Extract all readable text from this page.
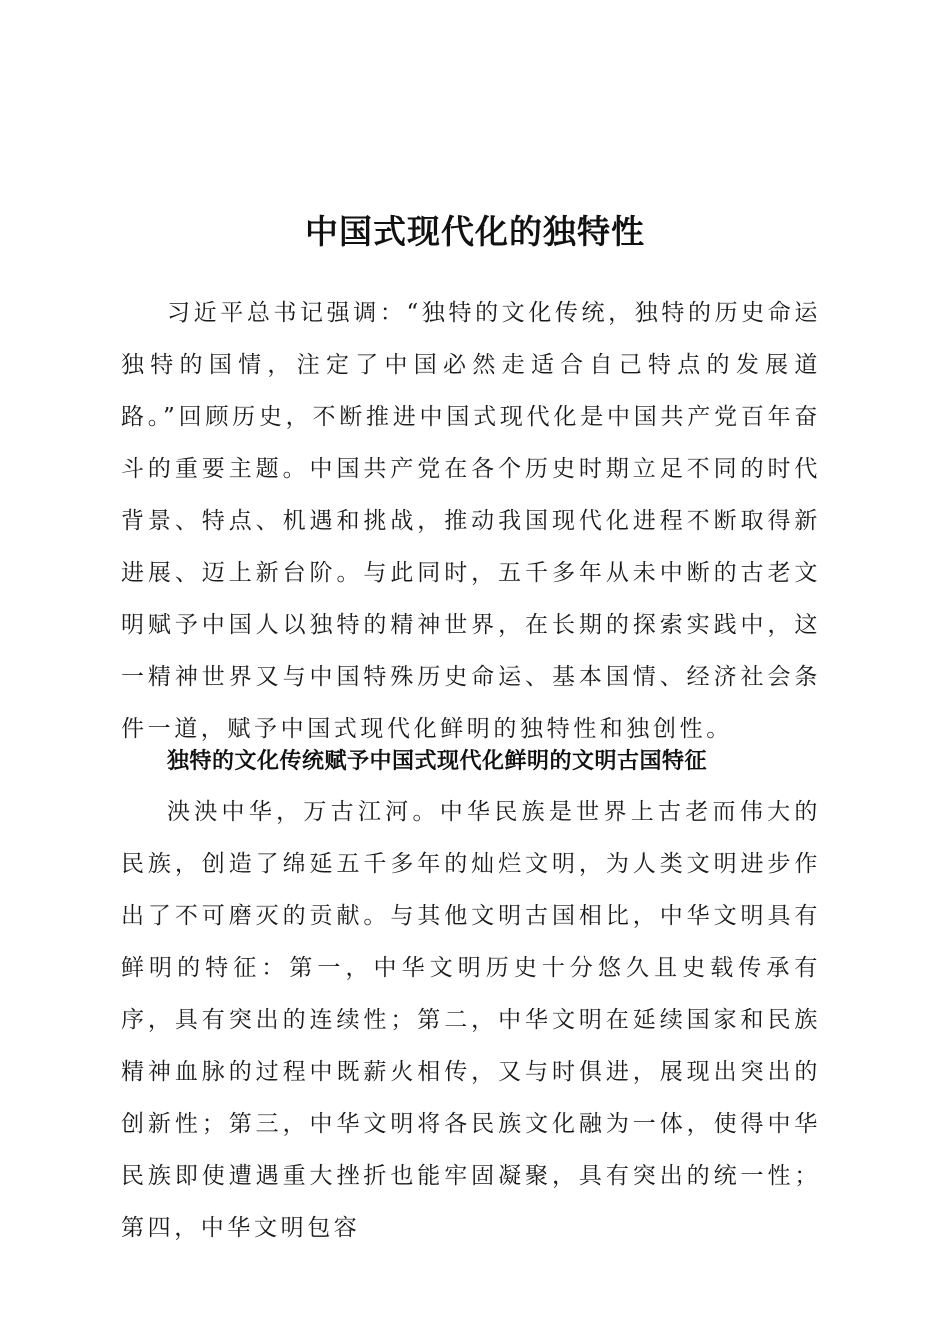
中国式现代化的独特性

习近平总书记强调：“独特的文化传统，独特的历史命运独特的国情，注定了中国必然走适合自己特点的发展道路。”回顾历史，不断推进中国式现代化是中国共产党百年奋斗的重要主题。中国共产党在各个历史时期立足不同的时代背景、特点、机遇和挑战，推动我国现代化进程不断取得新进展、迈上新台阶。与此同时，五千多年从未中断的古老文明赋予中国人以独特的精神世界，在长期的探索实践中，这一精神世界又与中国特殊历史命运、基本国情、经济社会条件一道，赋予中国式现代化鲜明的独特性和独创性。

独特的文化传统赋予中国式现代化鲜明的文明古国特征

泱泱中华，万古江河。中华民族是世界上古老而伟大的民族，创造了绵延五千多年的灿烂文明，为人类文明进步作出了不可磨灭的贡献。与其他文明古国相比，中华文明具有鲜明的特征：第一，中华文明历史十分悠久且史载传承有序，具有突出的连续性；第二，中华文明在延续国家和民族精神血脉的过程中既薪火相传，又与时俱进，展现出突出的创新性；第三，中华文明将各民族文化融为一体，使得中华民族即使遭遇重大挫折也能牢固凝聚，具有突出的统一性；第四，中华文明包容
